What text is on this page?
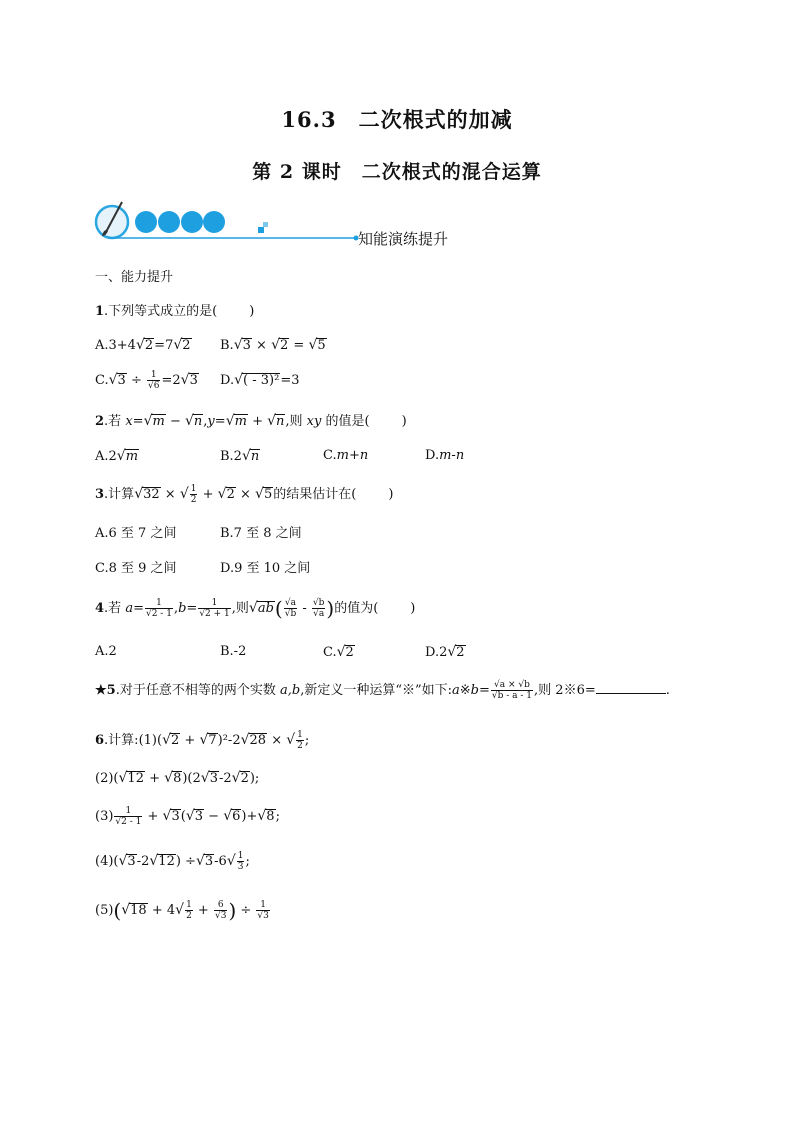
16.3　二次根式的加减
第 2 课时　二次根式的混合运算
知能演练提升
一、能力提升
1.下列等式成立的是( )
A.3+4√2=7√2 B.√3 × √2 = √5
$C.√3 \div \frac{1}{√6} =2√3$ D.√( - 3)²=3
2.若 x=√m − √n,y=√m + √n,则 xy 的值是( )
A.2√m	B.2√n	C.m+n	D.m-n
3.计算√32 × √ $\frac{1}{2} + √2 \times √5$的结果估计在( )
A.6 至 7 之间	B.7 至 8 之间
C.8 至 9 之间	D.9 至 10 之间
4.若 $a= \frac{1}{√2 - 1} ,b= \frac{1}{√2 + 1}$ ,则$√ab( \frac{√a}{√b} - \frac{√b}{√a}$ )的值为( )
A.2	B.-2	C.√2	D.2√2
★5.对于任意不相等的两个实数 a,b,新定义一种运算“※”如下:a※b= $\frac{√a \times √b}{√b - a - 1}$ ,则 2※6=	.
6.计算:(1)(√2 + √7)²-2√28 × √ $\frac{1}{2}$ ;
(2)(√12 + √8)(2√3-2√2);
$(3) \frac{1}{√2 - 1} + √3(√3 - √6)+√8$;
$(4)(√3-2√12) \div√3-6√ \frac{1}{3}$ ;
$(5)(√18 + 4√ \frac{1}{2} + \frac{6}{√3}$ ) ÷ $\frac{1}{√3}$
